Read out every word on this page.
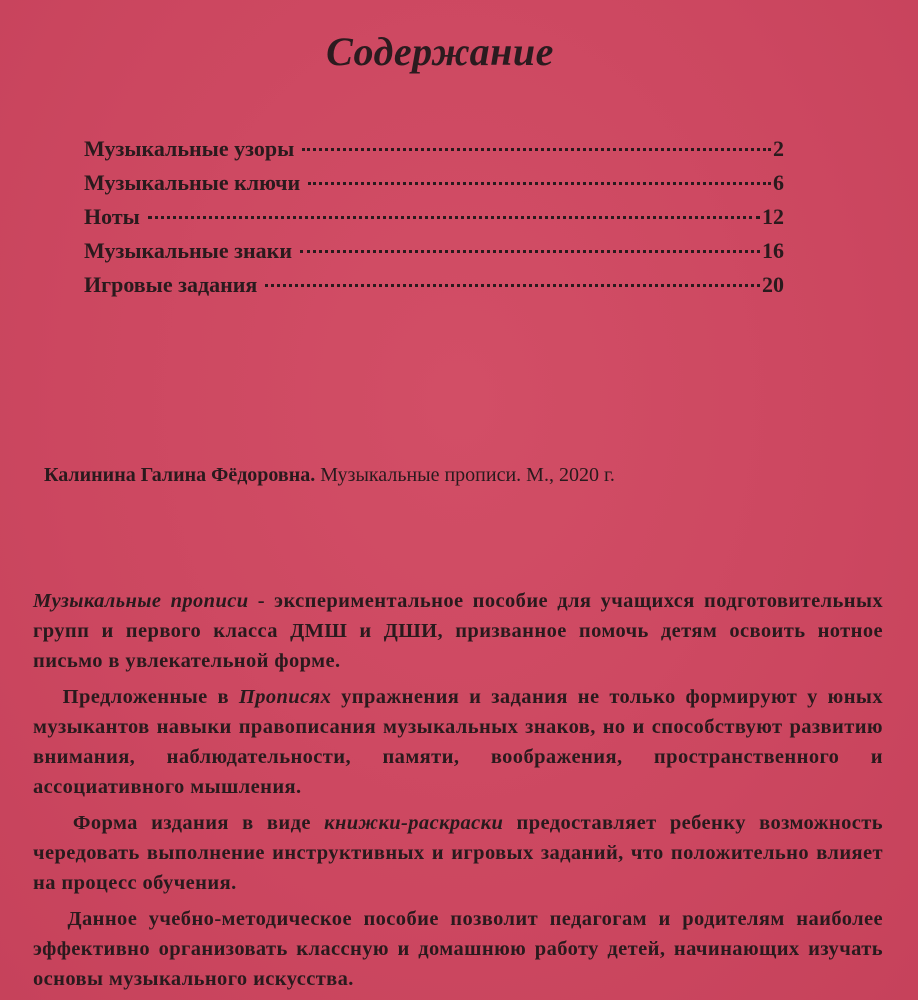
Содержание
Музыкальные узоры	2
Музыкальные ключи	6
Ноты	12
Музыкальные знаки	16
Игровые задания	20
Калинина Галина Фёдоровна. Музыкальные прописи. М., 2020 г.

Музыкальные прописи - экспериментальное пособие для учащихся подготовительных групп и первого класса ДМШ и ДШИ, призванное помочь детям освоить нотное письмо в увлекательной форме.

Предложенные в Прописях упражнения и задания не только формируют у юных музыкантов навыки правописания музыкальных знаков, но и способствуют развитию внимания, наблюдательности, памяти, воображения, пространственного и ассоциативного мышления.

Форма издания в виде книжки-раскраски предоставляет ребенку возможность чередовать выполнение инструктивных и игровых заданий, что положительно влияет на процесс обучения.

Данное учебно-методическое пособие позволит педагогам и родителям наиболее эффективно организовать классную и домашнюю работу детей, начинающих изучать основы музыкального искусства.
